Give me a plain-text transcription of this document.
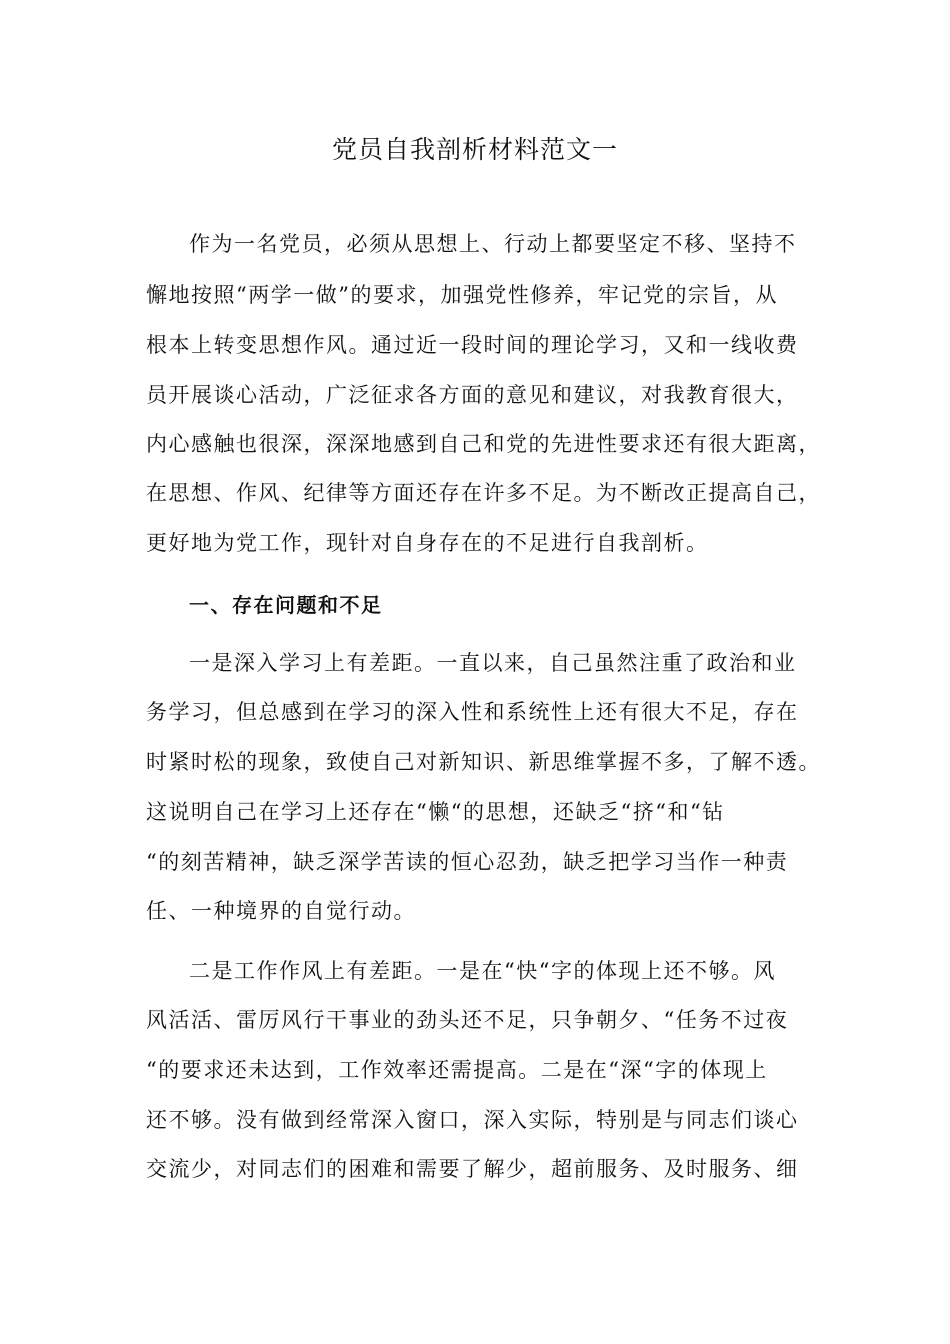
党员自我剖析材料范文一
作为一名党员，必须从思想上、行动上都要坚定不移、坚持不
懈地按照“两学一做”的要求，加强党性修养，牢记党的宗旨，从
根本上转变思想作风。通过近一段时间的理论学习，又和一线收费
员开展谈心活动，广泛征求各方面的意见和建议，对我教育很大，
内心感触也很深，深深地感到自己和党的先进性要求还有很大距离，
在思想、作风、纪律等方面还存在许多不足。为不断改正提高自己，
更好地为党工作，现针对自身存在的不足进行自我剖析。
一、存在问题和不足
一是深入学习上有差距。一直以来，自己虽然注重了政治和业
务学习，但总感到在学习的深入性和系统性上还有很大不足，存在
时紧时松的现象，致使自己对新知识、新思维掌握不多，了解不透。
这说明自己在学习上还存在“懒“的思想，还缺乏“挤“和“钻
“的刻苦精神，缺乏深学苦读的恒心忍劲，缺乏把学习当作一种责
任、一种境界的自觉行动。
二是工作作风上有差距。一是在“快“字的体现上还不够。风
风活活、雷厉风行干事业的劲头还不足，只争朝夕、“任务不过夜
“的要求还未达到，工作效率还需提高。二是在“深“字的体现上
还不够。没有做到经常深入窗口，深入实际，特别是与同志们谈心
交流少，对同志们的困难和需要了解少，超前服务、及时服务、细
